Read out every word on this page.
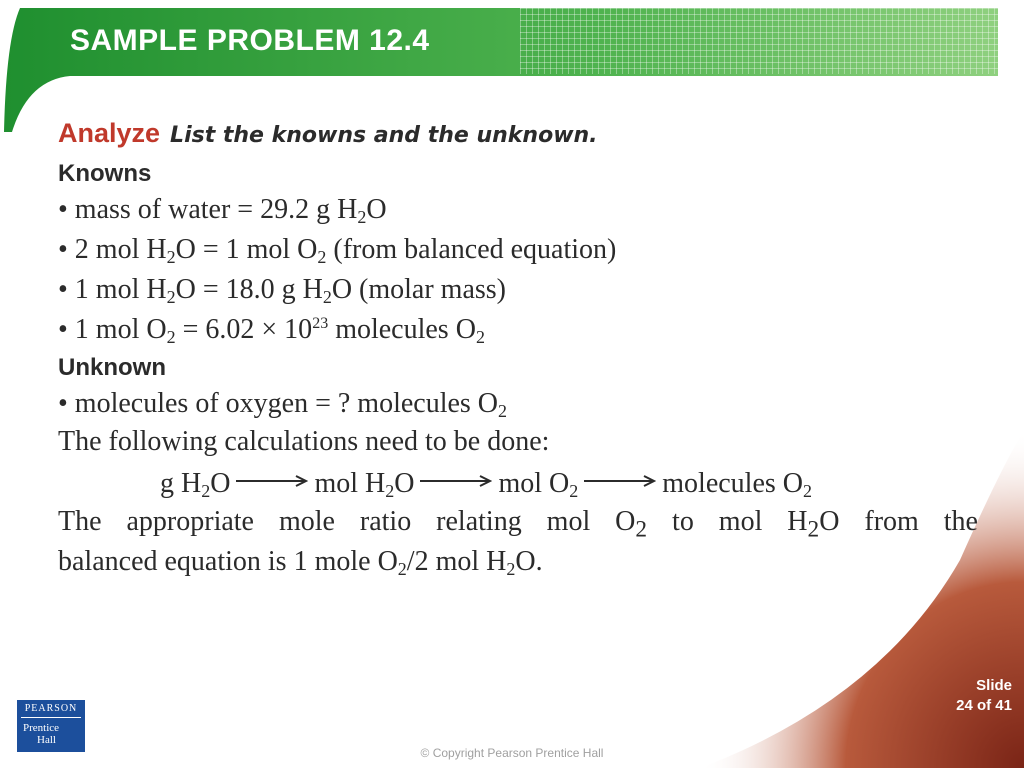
SAMPLE PROBLEM 12.4
Analyze List the knowns and the unknown.
Knowns
• mass of water = 29.2 g $H_2O$
• 2 mol $H_2O = 1$ mol $O_2$ (from balanced equation)
• 1 mol $H_2O = 18.0$ g $H_2O$ (molar mass)
• 1 mol $O_2 = 6.02 \times 10^{23}$ molecules $O_2$
Unknown
• molecules of oxygen = ? molecules $O_2$
The following calculations need to be done:
g $H_2O$	mol $H_2O$	mol $O_2$	molecules $O_2$
The appropriate mole ratio relating mol $O_2$ to mol $H_2O$ from the
balanced equation is 1 mole $O_2/2$ mol $H_2O$.
PEARSON
Prentice
Hall
Slide
24 of 41
© Copyright Pearson Prentice Hall
